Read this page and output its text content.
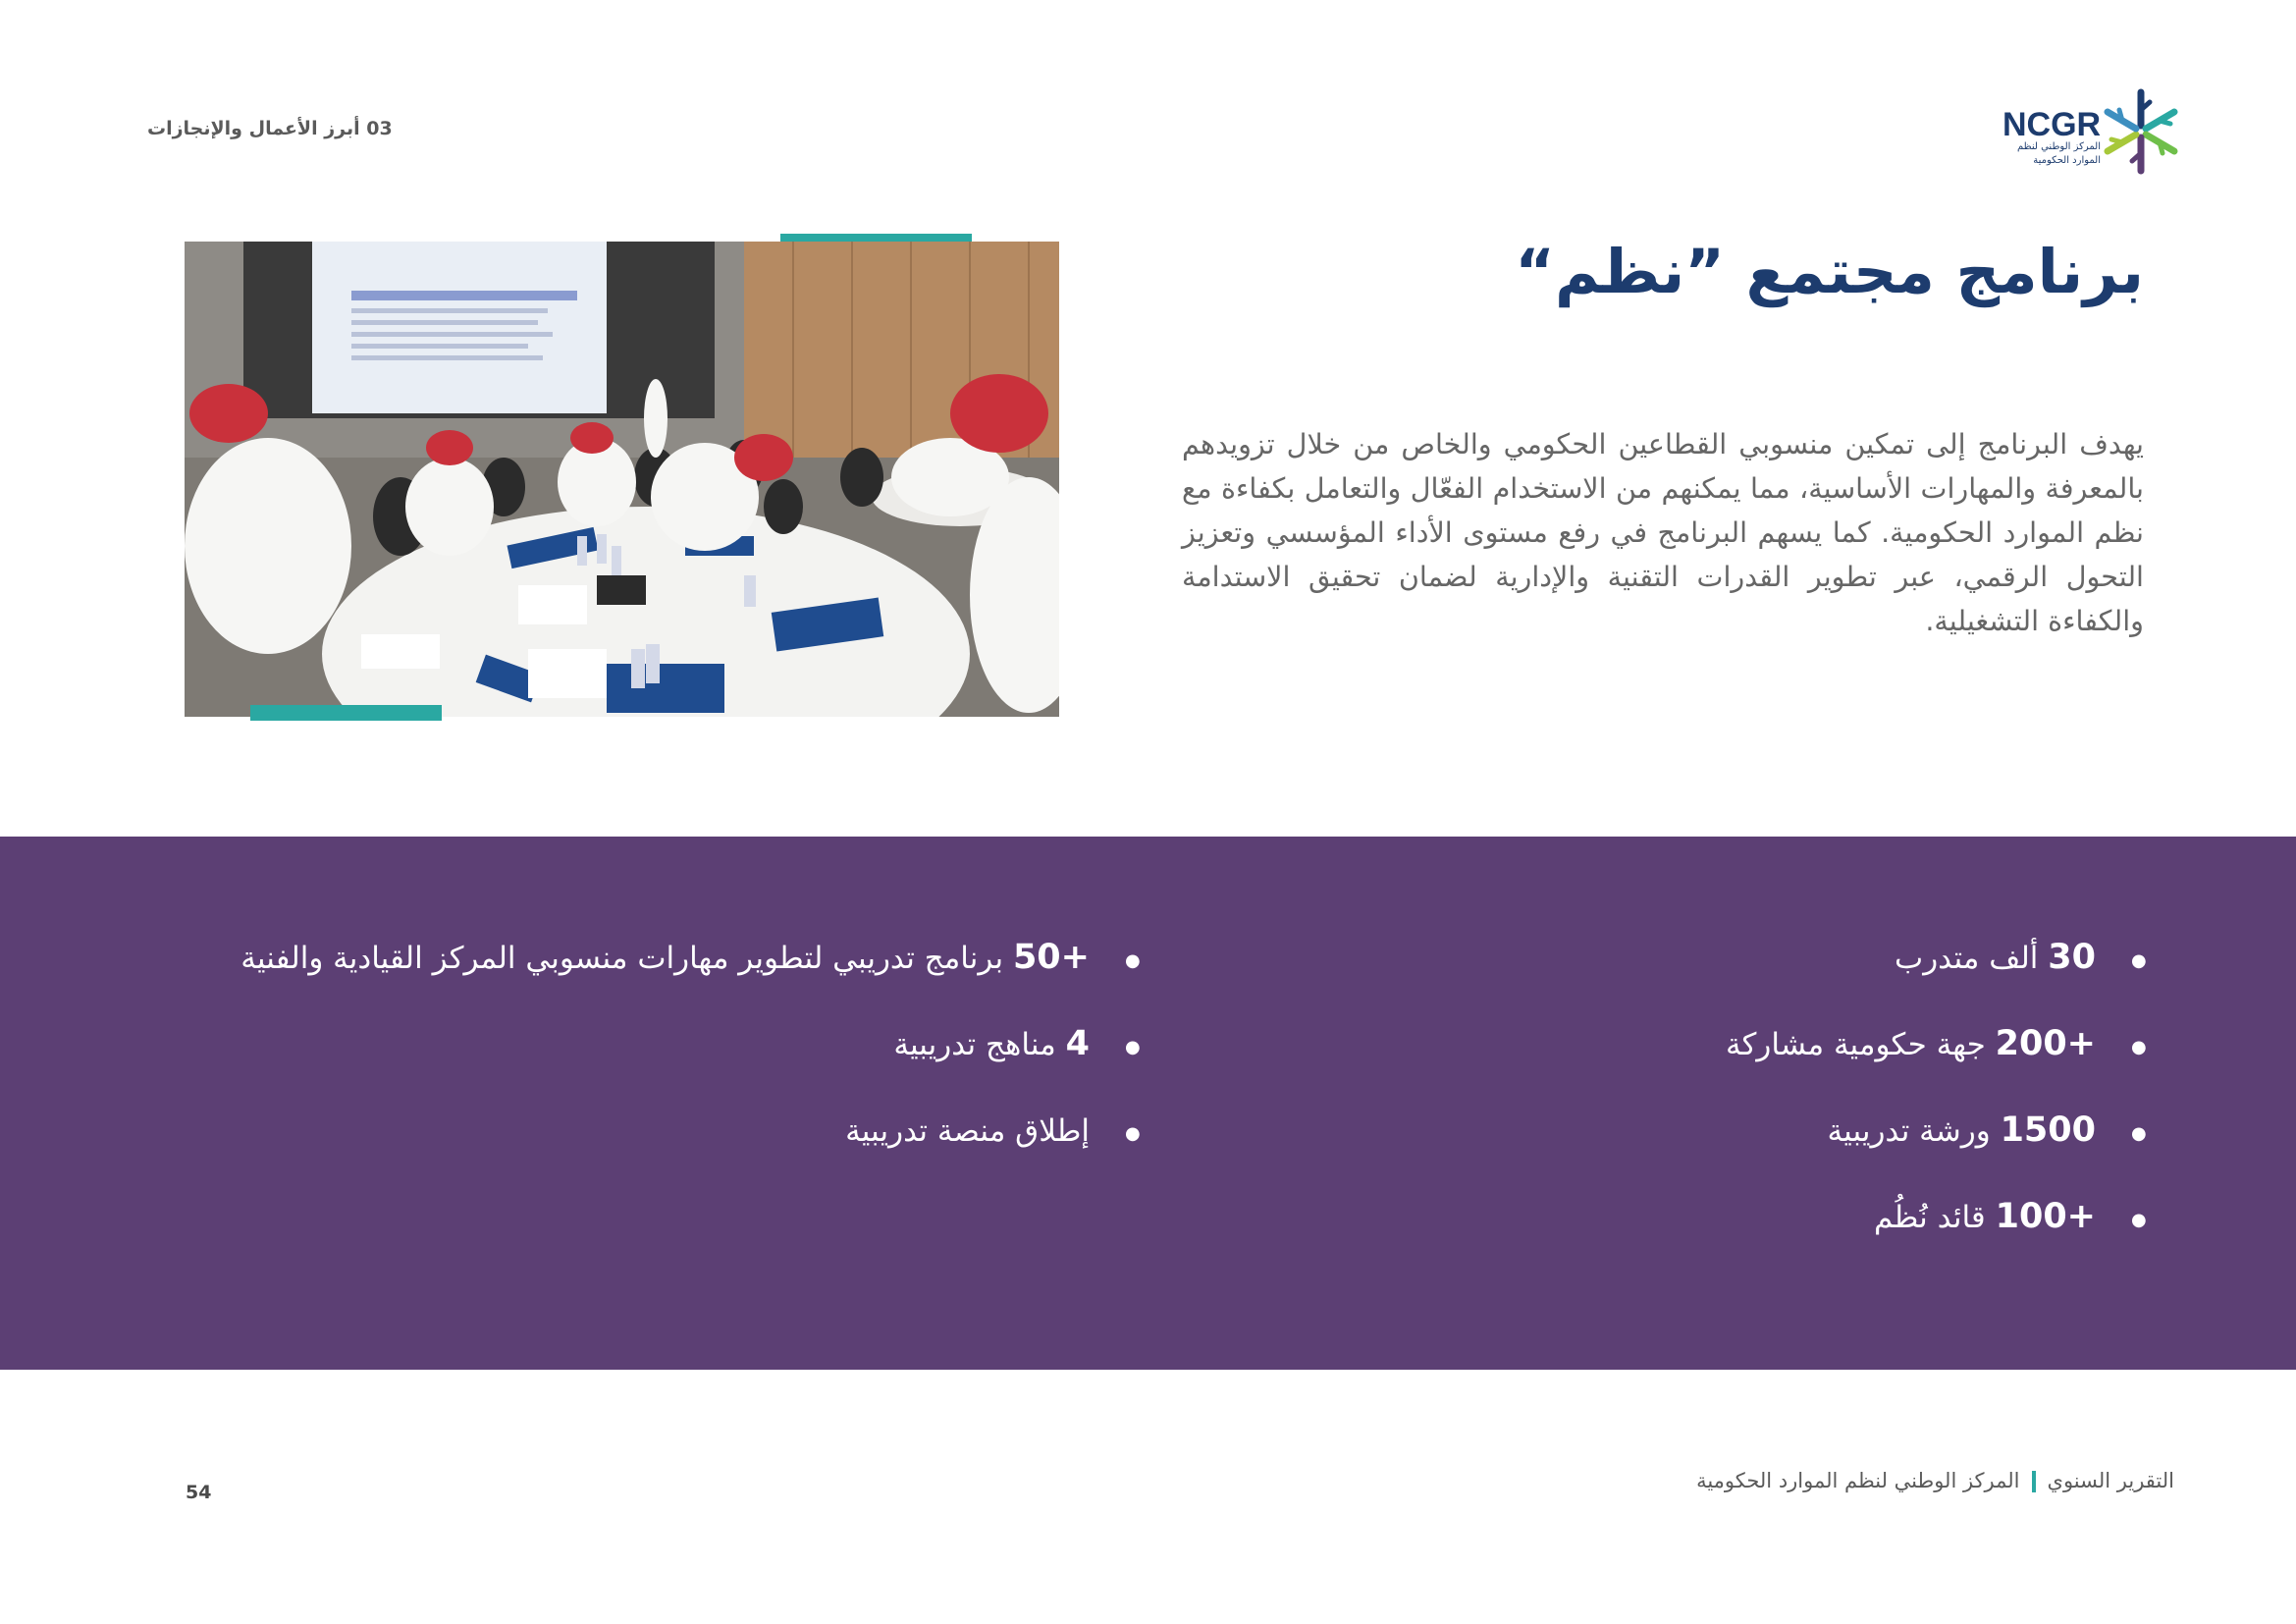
03 أبرز الأعمال والإنجازات	NCGR
المركز الوطني لنظم
الموارد الحكومية
برنامج مجتمع ”نظم“
يهدف البرنامج إلى تمكين منسوبي القطاعين الحكومي والخاص من خلال تزويدهم بالمعرفة والمهارات الأساسية، مما يمكنهم من الاستخدام الفعّال والتعامل بكفاءة مع نظم الموارد الحكومية. كما يسهم البرنامج في رفع مستوى الأداء المؤسسي وتعزيز التحول الرقمي، عبر تطوير القدرات التقنية والإدارية لضمان تحقيق الاستدامة والكفاءة التشغيلية.
●
30 ألف متدرب
●
+200 جهة حكومية مشاركة
●
1500 ورشة تدريبية
●
+100 قائد نُظُم
●
+50 برنامج تدريبي لتطوير مهارات منسوبي المركز القيادية والفنية
●
4 مناهج تدريبية
●
إطلاق منصة تدريبية
التقرير السنويالمركز الوطني لنظم الموارد الحكومية
54
